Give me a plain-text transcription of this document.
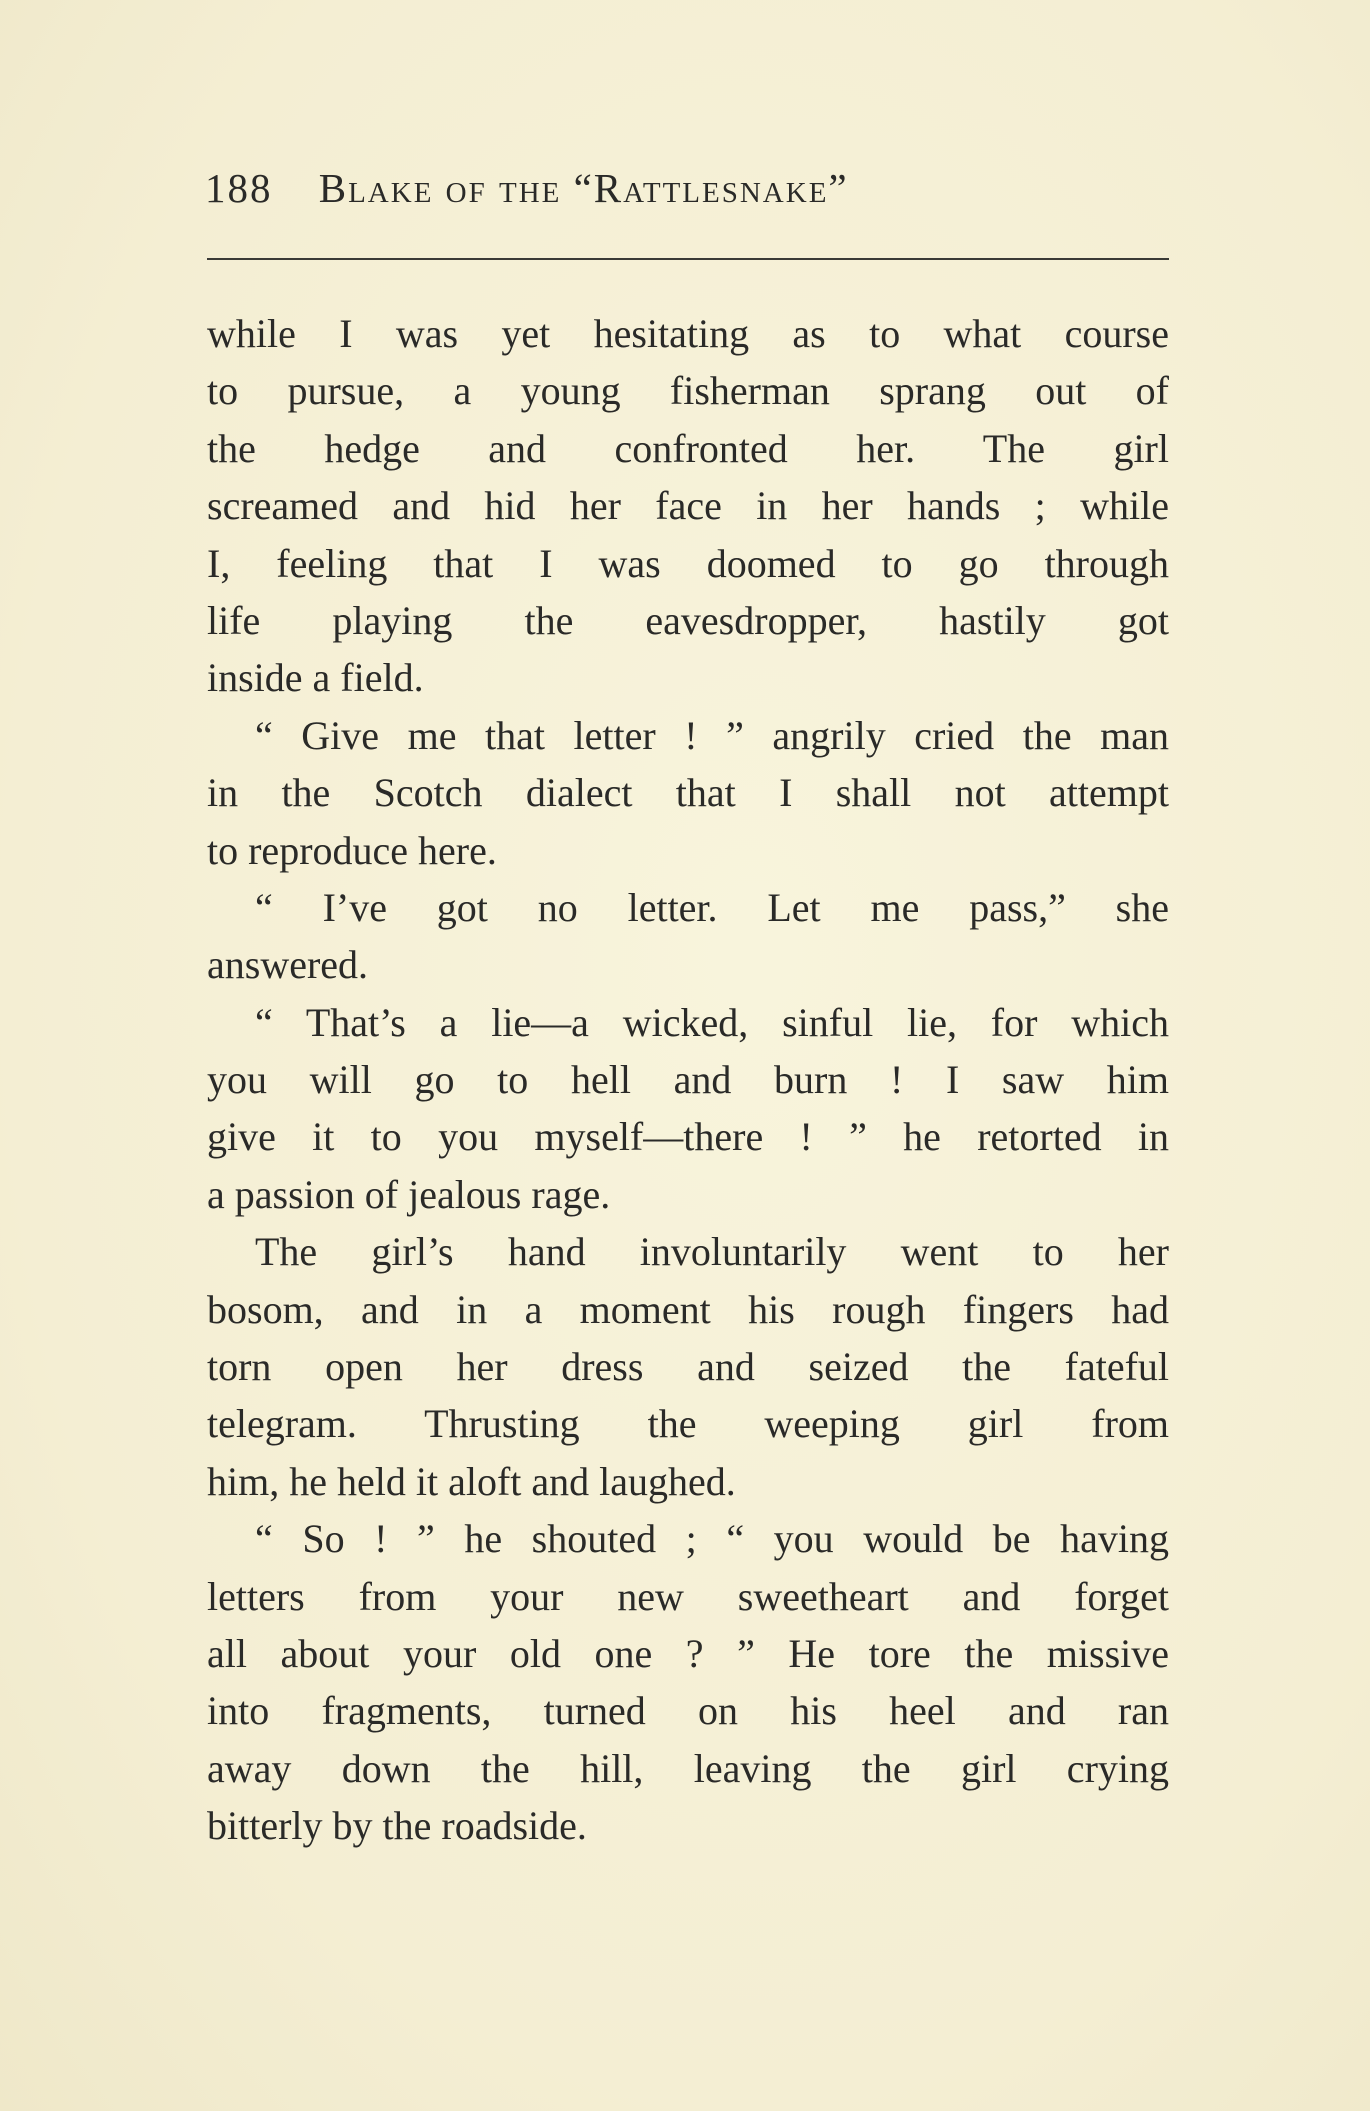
188 Blake of the “Rattlesnake”
while I was yet hesitating as to what course
to pursue, a young fisherman sprang out of
the hedge and confronted her. The girl
screamed and hid her face in her hands ; while
I, feeling that I was doomed to go through
life playing the eavesdropper, hastily got
inside a field.
“ Give me that letter ! ” angrily cried the man
in the Scotch dialect that I shall not attempt
to reproduce here.
“ I’ve got no letter. Let me pass,” she
answered.
“ That’s a lie—a wicked, sinful lie, for which
you will go to hell and burn ! I saw him
give it to you myself—there ! ” he retorted in
a passion of jealous rage.
The girl’s hand involuntarily went to her
bosom, and in a moment his rough fingers had
torn open her dress and seized the fateful
telegram. Thrusting the weeping girl from
him, he held it aloft and laughed.
“ So ! ” he shouted ; “ you would be having
letters from your new sweetheart and forget
all about your old one ? ” He tore the missive
into fragments, turned on his heel and ran
away down the hill, leaving the girl crying
bitterly by the roadside.
